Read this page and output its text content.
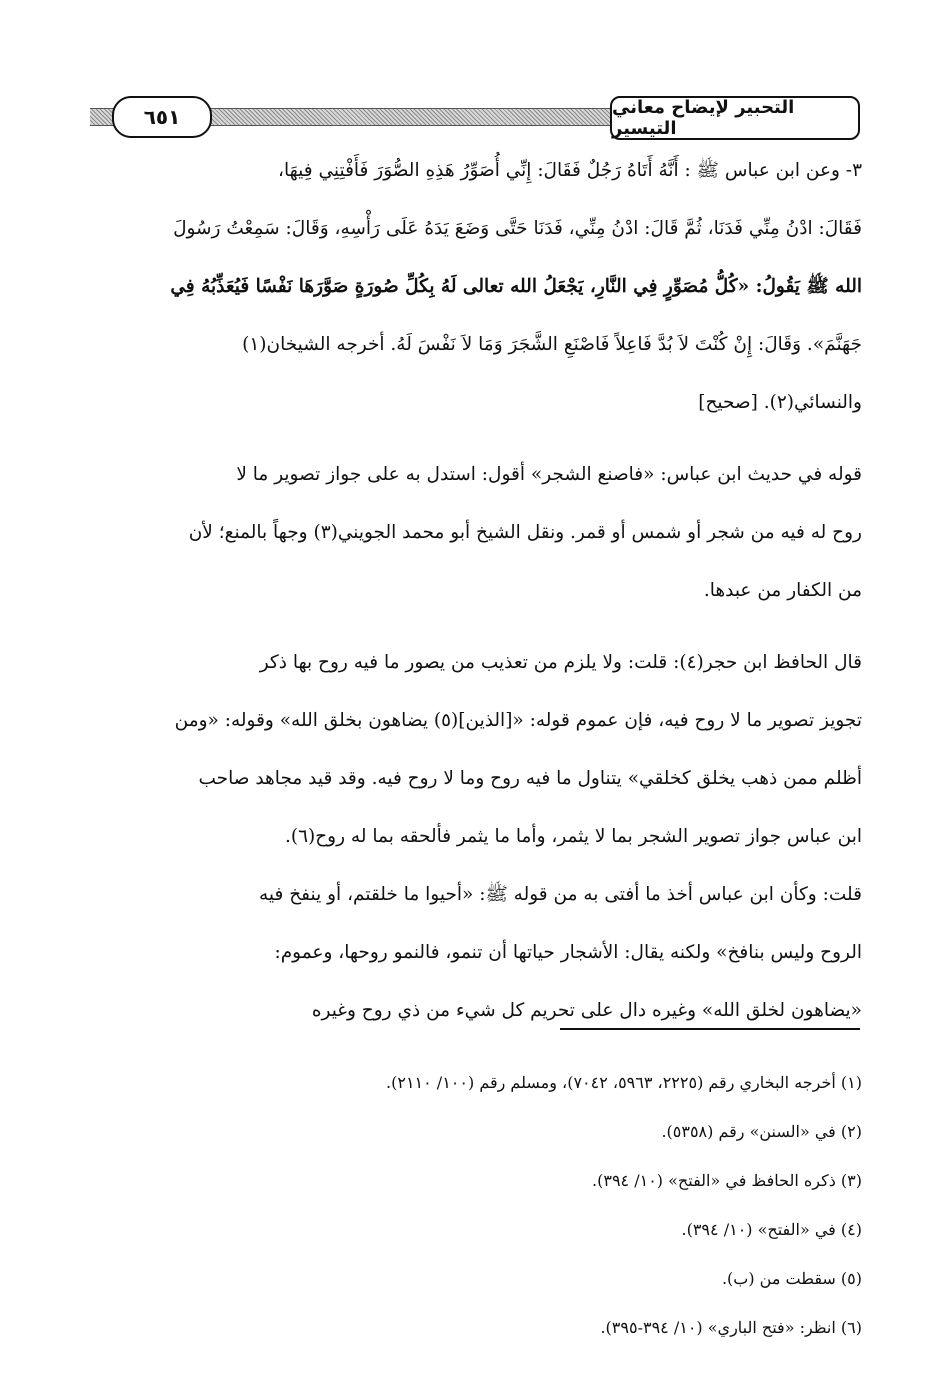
٦٥١	التحبير لإيضاح معاني التيسير
٣- وعن ابن عباس ﷺ : أَنَّهُ أَتَاهُ رَجُلٌ فَقَالَ: إِنِّي أُصَوِّرُ هَذِهِ الصُّوَرَ فَأَفْتِنِي فِيهَا،
فَقَالَ: ادْنُ مِنِّي فَدَنَا، ثُمَّ قَالَ: ادْنُ مِنِّي، فَدَنَا حَتَّى وَضَعَ يَدَهُ عَلَى رَأْسِهِ، وَقَالَ: سَمِعْتُ رَسُولَ
الله ﷺ يَقُولُ: «كُلُّ مُصَوِّرٍ فِي النَّارِ، يَجْعَلُ الله تعالى لَهُ بِكُلِّ صُورَةٍ صَوَّرَهَا نَفْسًا فَيُعَذِّبُهُ فِي
جَهَنَّمَ». وَقَالَ: إِنْ كُنْتَ لاَ بُدَّ فَاعِلاً فَاصْنَعِ الشَّجَرَ وَمَا لاَ نَفْسَ لَهُ. أخرجه الشيخان(١)
والنسائي(٢). [صحيح]
قوله في حديث ابن عباس: «فاصنع الشجر» أقول: استدل به على جواز تصوير ما لا
روح له فيه من شجر أو شمس أو قمر. ونقل الشيخ أبو محمد الجويني(٣) وجهاً بالمنع؛ لأن
من الكفار من عبدها.
قال الحافظ ابن حجر(٤): قلت: ولا يلزم من تعذيب من يصور ما فيه روح بها ذكر
تجويز تصوير ما لا روح فيه، فإن عموم قوله: «[الذين](٥) يضاهون بخلق الله» وقوله: «ومن
أظلم ممن ذهب يخلق كخلقي» يتناول ما فيه روح وما لا روح فيه. وقد قيد مجاهد صاحب
ابن عباس جواز تصوير الشجر بما لا يثمر، وأما ما يثمر فألحقه بما له روح(٦).
قلت: وكأن ابن عباس أخذ ما أفتى به من قوله ﷺ: «أحيوا ما خلقتم، أو ينفخ فيه
الروح وليس بنافخ» ولكنه يقال: الأشجار حياتها أن تنمو، فالنمو روحها، وعموم:
«يضاهون لخلق الله» وغيره دال على تحريم كل شيء من ذي روح وغيره
(١) أخرجه البخاري رقم (٢٢٢٥، ٥٩٦٣، ٧٠٤٢)، ومسلم رقم (١٠٠/ ٢١١٠).
(٢) في «السنن» رقم (٥٣٥٨).
(٣) ذكره الحافظ في «الفتح» (١٠/ ٣٩٤).
(٤) في «الفتح» (١٠/ ٣٩٤).
(٥) سقطت من (ب).
(٦) انظر: «فتح الباري» (١٠/ ٣٩٤-٣٩٥).
